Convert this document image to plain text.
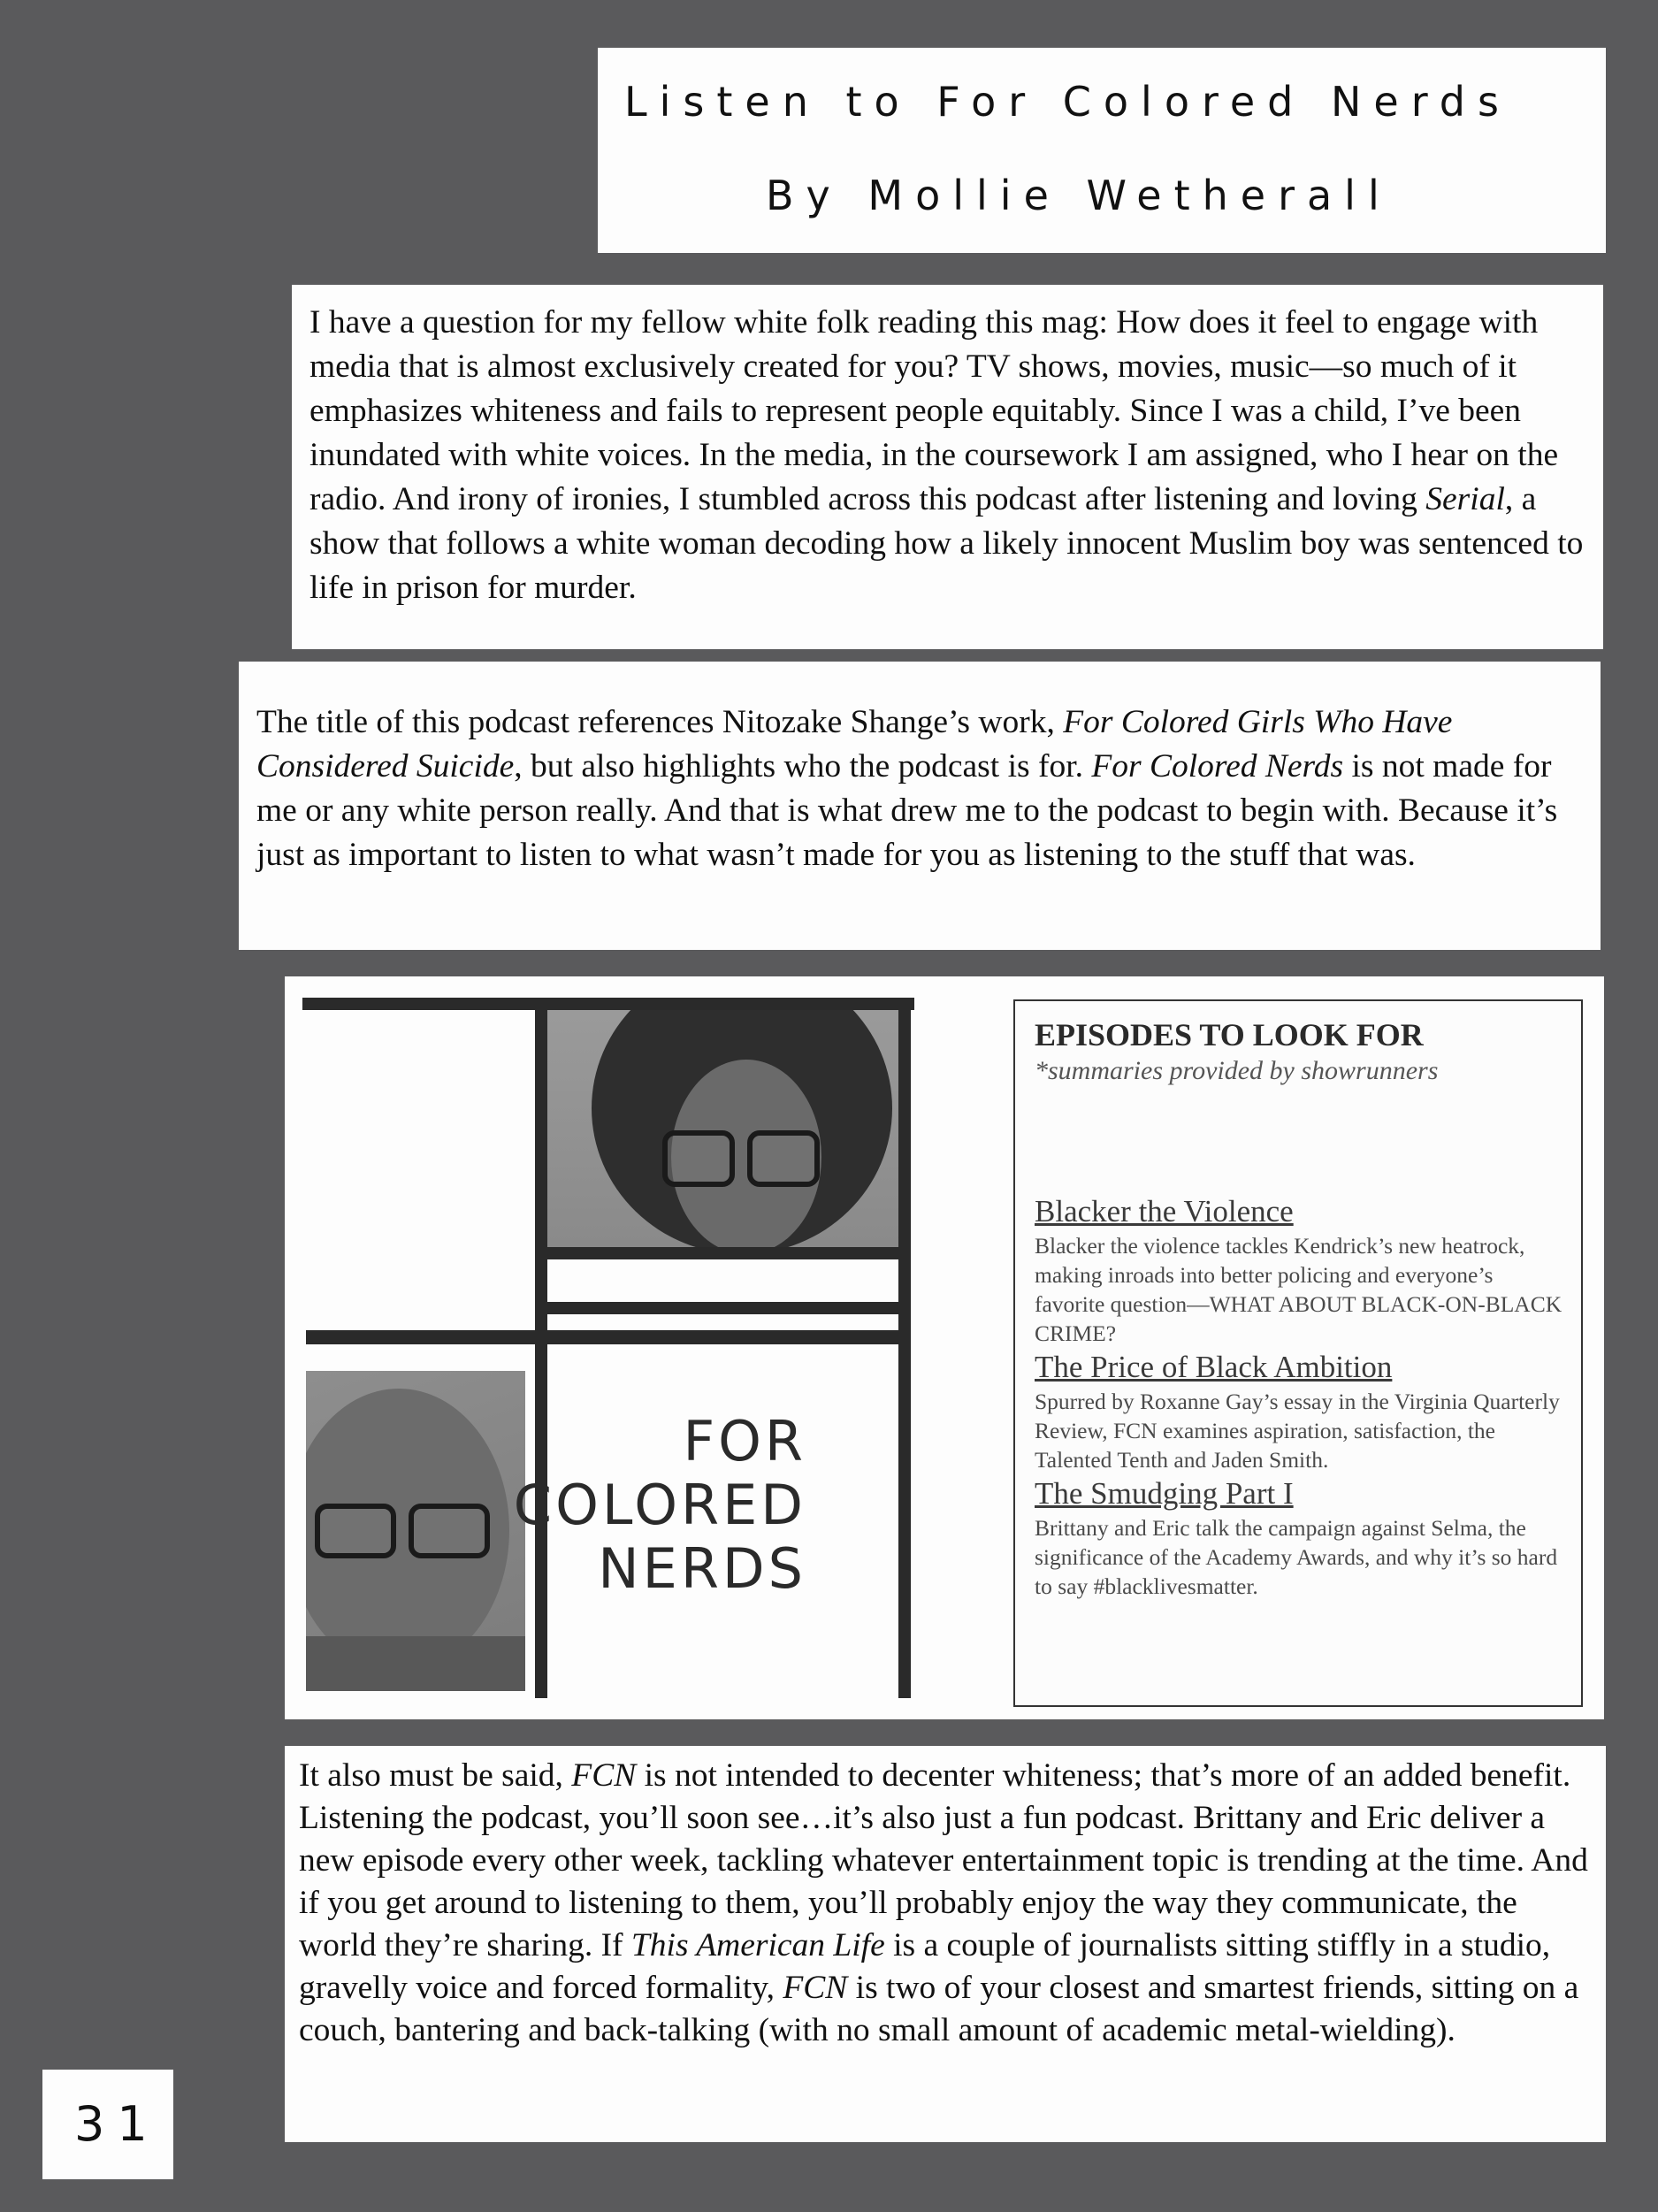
Listen to For Colored Nerds
By Mollie Wetherall
I have a question for my fellow white folk reading this mag: How does it feel to engage with media that is almost exclusively created for you? TV shows, movies, music—so much of it emphasizes whiteness and fails to represent people equitably. Since I was a child, I’ve been inundated with white voices. In the media, in the coursework I am assigned, who I hear on the radio. And irony of ironies, I stumbled across this podcast after listening and loving Serial, a show that follows a white woman decoding how a likely innocent Muslim boy was sentenced to life in prison for murder.
The title of this podcast references Nitozake Shange’s work, For Colored Girls Who Have Considered Suicide, but also highlights who the podcast is for. For Colored Nerds is not made for me or any white person really. And that is what drew me to the podcast to begin with. Because it’s just as important to listen to what wasn’t made for you as listening to the stuff that was.
FOR
COLORED
NERDS
EPISODES TO LOOK FOR
*summaries provided by showrunners
Blacker the Violence
Blacker the violence tackles Kendrick’s new heatrock, making inroads into better policing and everyone’s favorite question—WHAT ABOUT BLACK-ON-BLACK CRIME?
The Price of Black Ambition
Spurred by Roxanne Gay’s essay in the Virginia Quarterly Review, FCN examines aspiration, satisfaction, the Talented Tenth and Jaden Smith.
The Smudging Part I
Brittany and Eric talk the campaign against Selma, the significance of the Academy Awards, and why it’s so hard to say #blacklivesmatter.
It also must be said, FCN is not intended to decenter whiteness; that’s more of an added benefit. Listening the podcast, you’ll soon see…it’s also just a fun podcast. Brittany and Eric deliver a new episode every other week, tackling whatever entertainment topic is trending at the time. And if you get around to listening to them, you’ll probably enjoy the way they communicate, the world they’re sharing. If This American Life is a couple of journalists sitting stiffly in a studio, gravelly voice and forced formality, FCN is two of your closest and smartest friends, sitting on a couch, bantering and back-talking (with no small amount of academic metal-wielding).
31
